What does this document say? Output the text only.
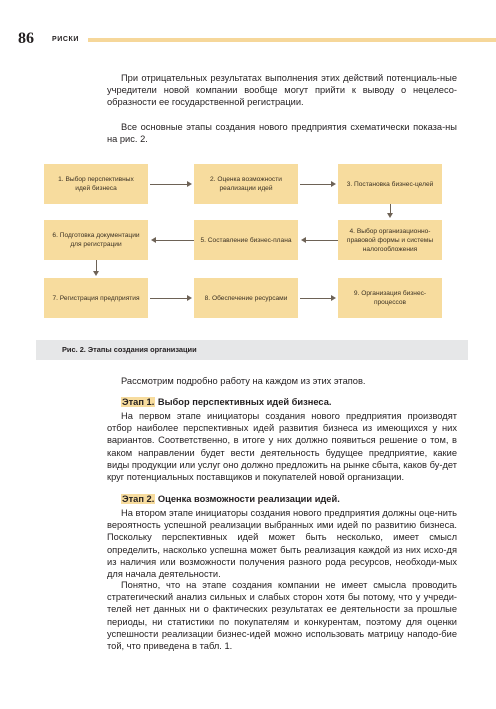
86	РИСКИ
При отрицательных результатах выполнения этих действий потенциаль-ные учредители новой компании вообще могут прийти к выводу о нецелесо-образности ее государственной регистрации.
Все основные этапы создания нового предприятия схематически показа-ны на рис. 2.
1. Выбор перспективных идей бизнеса
2. Оценка возможности реализации идей
3. Постановка бизнес-целей
6. Подготовка документации для регистрации
5. Составление бизнес-плана
4. Выбор организационно-правовой формы и системы налогообложения
7. Регистрация предприятия	8. Обеспечение ресурсами
9. Организация бизнес-процессов
Рис. 2. Этапы создания организации
Рассмотрим подробно работу на каждом из этих этапов.
Этап 1. Выбор перспективных идей бизнеса.
На первом этапе инициаторы создания нового предприятия производят отбор наиболее перспективных идей развития бизнеса из имеющихся у них вариантов. Соответственно, в итоге у них должно появиться решение о том, в каком направлении будет вести деятельность будущее предприятие, какие виды продукции или услуг оно должно предложить на рынке сбыта, каков бу-дет круг потенциальных поставщиков и покупателей новой организации.
Этап 2. Оценка возможности реализации идей.
На втором этапе инициаторы создания нового предприятия должны оце-нить вероятность успешной реализации выбранных ими идей по развитию бизнеса. Поскольку перспективных идей может быть несколько, имеет смысл определить, насколько успешна может быть реализация каждой из них исхо-дя из наличия или возможности получения разного рода ресурсов, необходи-мых для начала деятельности.
Понятно, что на этапе создания компании не имеет смысла проводить стратегический анализ сильных и слабых сторон хотя бы потому, что у учреди-телей нет данных ни о фактических результатах ее деятельности за прошлые периоды, ни статистики по покупателям и конкурентам, поэтому для оценки успешности реализации бизнес-идей можно использовать матрицу наподо-бие той, что приведена в табл. 1.
